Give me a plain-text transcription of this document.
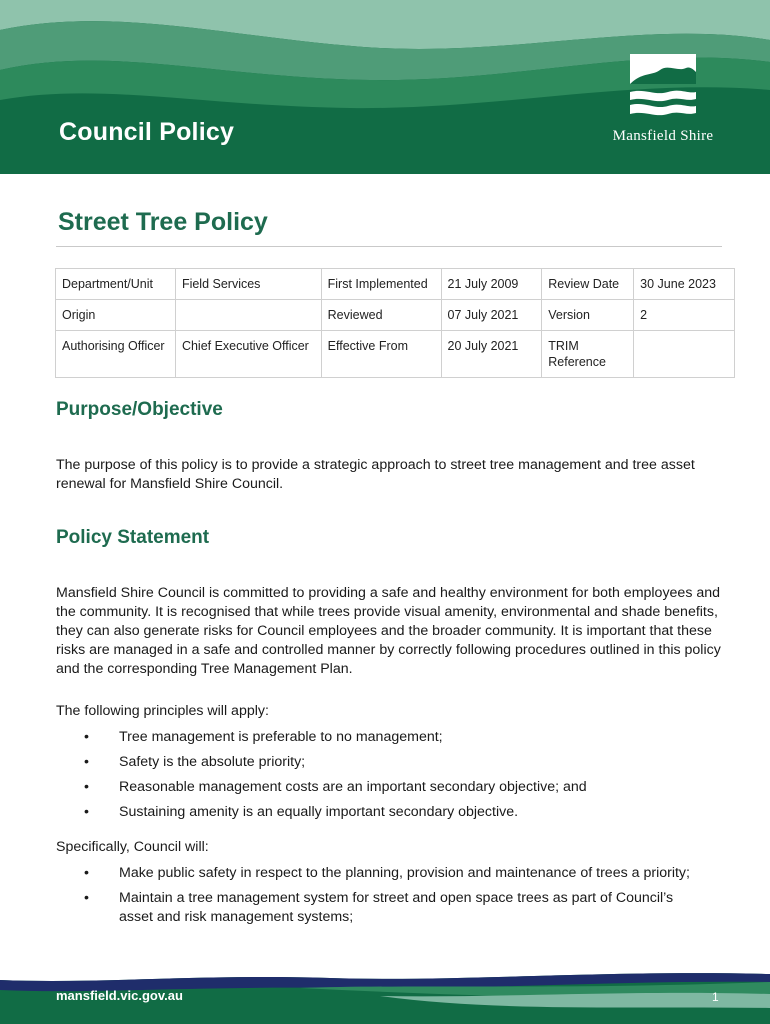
Council Policy	Mansfield Shire
Street Tree Policy
Department/Unit	Field Services	First Implemented	21 July 2009	Review Date	30 June 2023
Origin		Reviewed	07 July 2021	Version	2
Authorising Officer	Chief Executive Officer	Effective From	20 July 2021	TRIM Reference	
Purpose/Objective
The purpose of this policy is to provide a strategic approach to street tree management and tree asset renewal for Mansfield Shire Council.
Policy Statement
Mansfield Shire Council is committed to providing a safe and healthy environment for both employees and the community. It is recognised that while trees provide visual amenity, environmental and shade benefits, they can also generate risks for Council employees and the broader community. It is important that these risks are managed in a safe and controlled manner by correctly following procedures outlined in this policy and the corresponding Tree Management Plan.
The following principles will apply:
• Tree management is preferable to no management;
• Safety is the absolute priority;
• Reasonable management costs are an important secondary objective; and
• Sustaining amenity is an equally important secondary objective.
Specifically, Council will:
• Make public safety in respect to the planning, provision and maintenance of trees a priority;
• Maintain a tree management system for street and open space trees as part of Council’s asset and risk management systems;
mansfield.vic.gov.au	1
